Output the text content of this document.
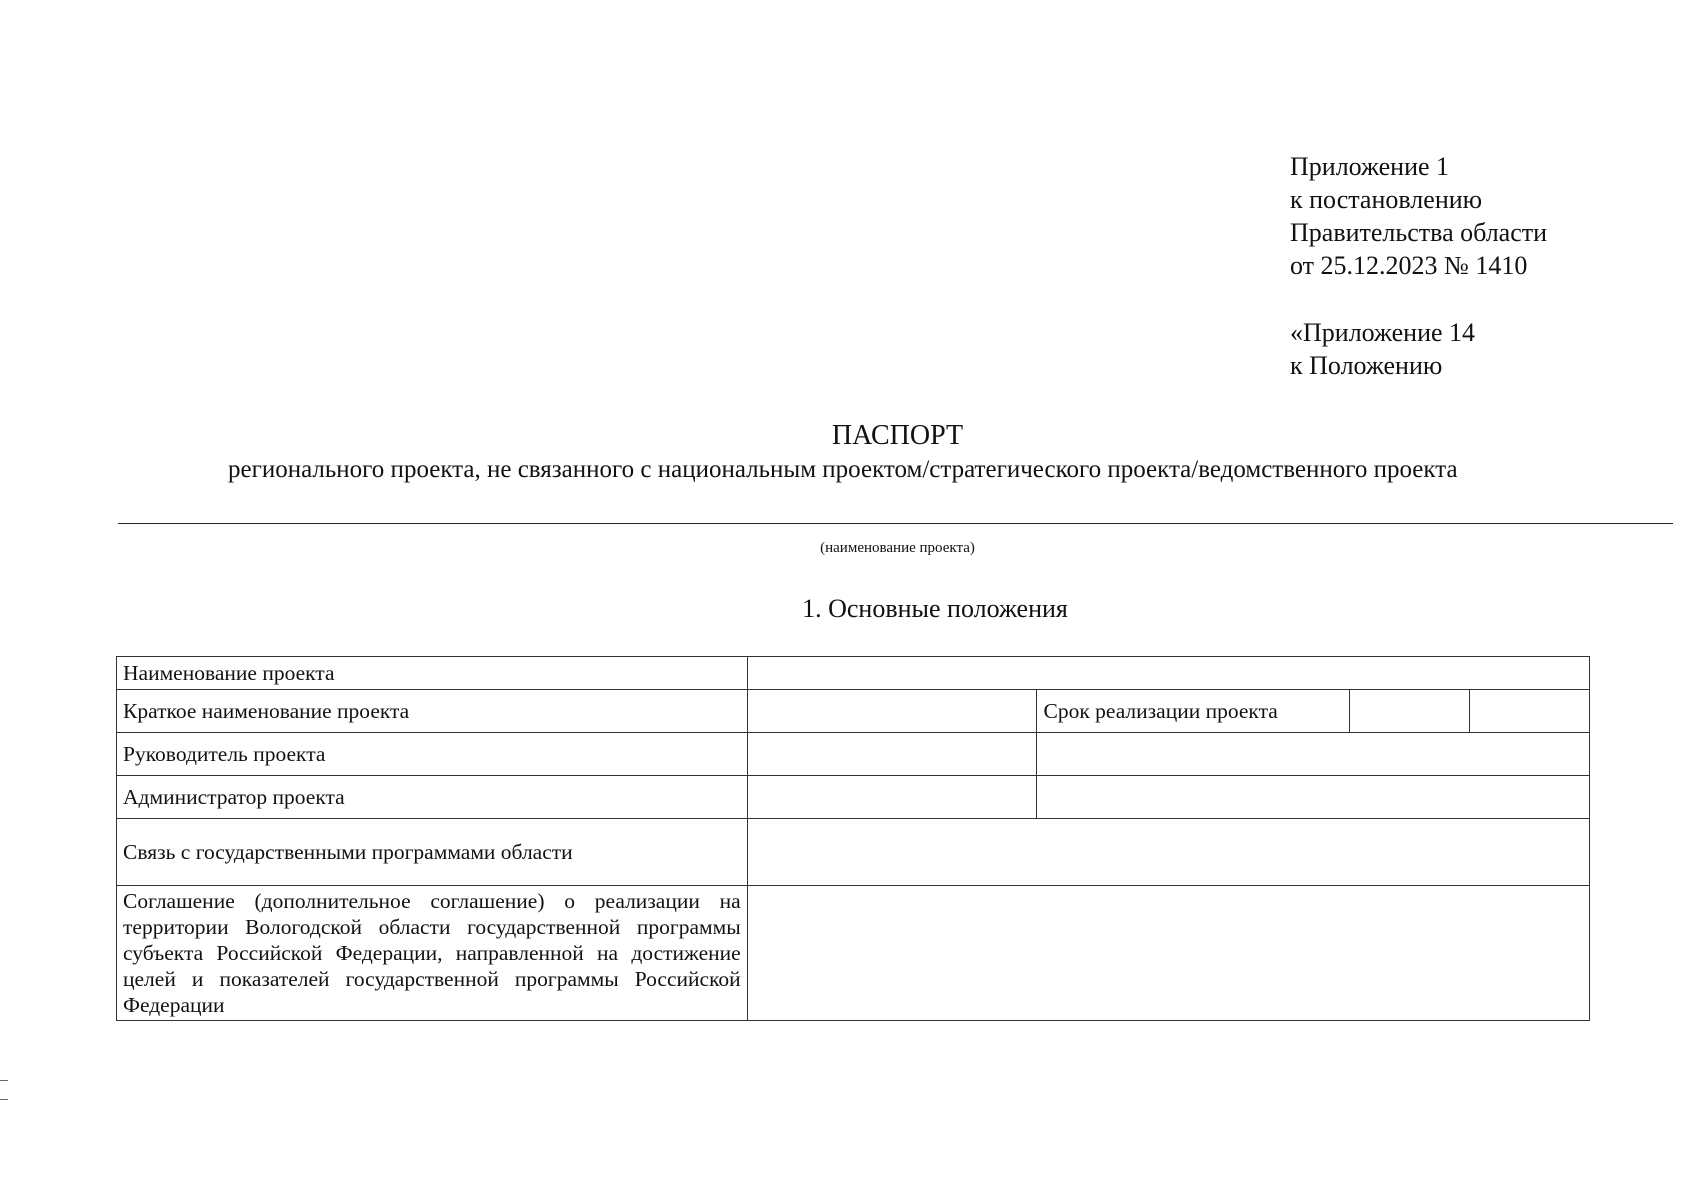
Приложение 1
к постановлению
Правительства области
от 25.12.2023 № 1410
«Приложение 14
к Положению
ПАСПОРТ
регионального проекта, не связанного с национальным проектом/стратегического проекта/ведомственного проекта
(наименование проекта)
1. Основные положения
Наименование проекта				
Краткое наименование проекта		Срок реализации проекта		
Руководитель проекта				
Администратор проекта				
Связь с государственными программами области				
Соглашение (дополнительное соглашение) о реализации на территории Вологодской области государственной программы субъекта Российской Федерации, направленной на достижение целей и показателей государственной программы Российской Федерации				
